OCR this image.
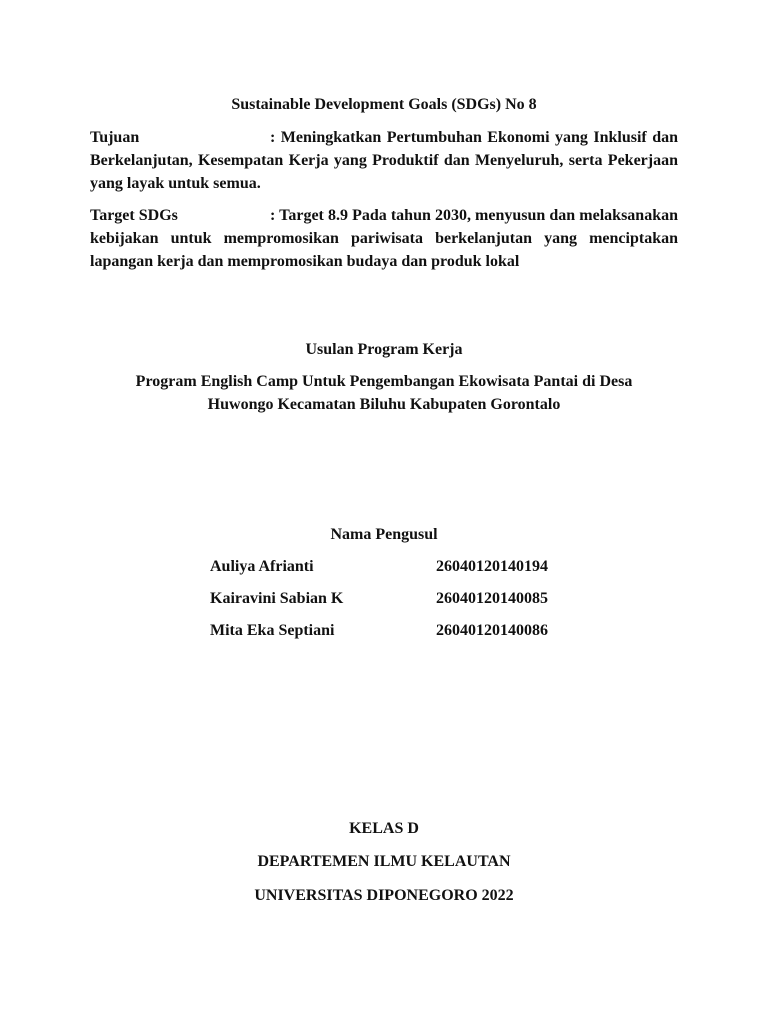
Sustainable Development Goals (SDGs) No 8
Tujuan	: Meningkatkan Pertumbuhan Ekonomi yang Inklusif dan Berkelanjutan, Kesempatan Kerja yang Produktif dan Menyeluruh, serta Pekerjaan yang layak untuk semua.
Target SDGs	: Target 8.9 Pada tahun 2030, menyusun dan melaksanakan kebijakan untuk mempromosikan pariwisata berkelanjutan yang menciptakan lapangan kerja dan mempromosikan budaya dan produk lokal
Usulan Program Kerja
Program English Camp Untuk Pengembangan Ekowisata Pantai di Desa Huwongo Kecamatan Biluhu Kabupaten Gorontalo
Nama Pengusul
Auliya Afrianti	26040120140194
Kairavini Sabian K	26040120140085
Mita Eka Septiani	26040120140086
KELAS D
DEPARTEMEN ILMU KELAUTAN
UNIVERSITAS DIPONEGORO 2022
